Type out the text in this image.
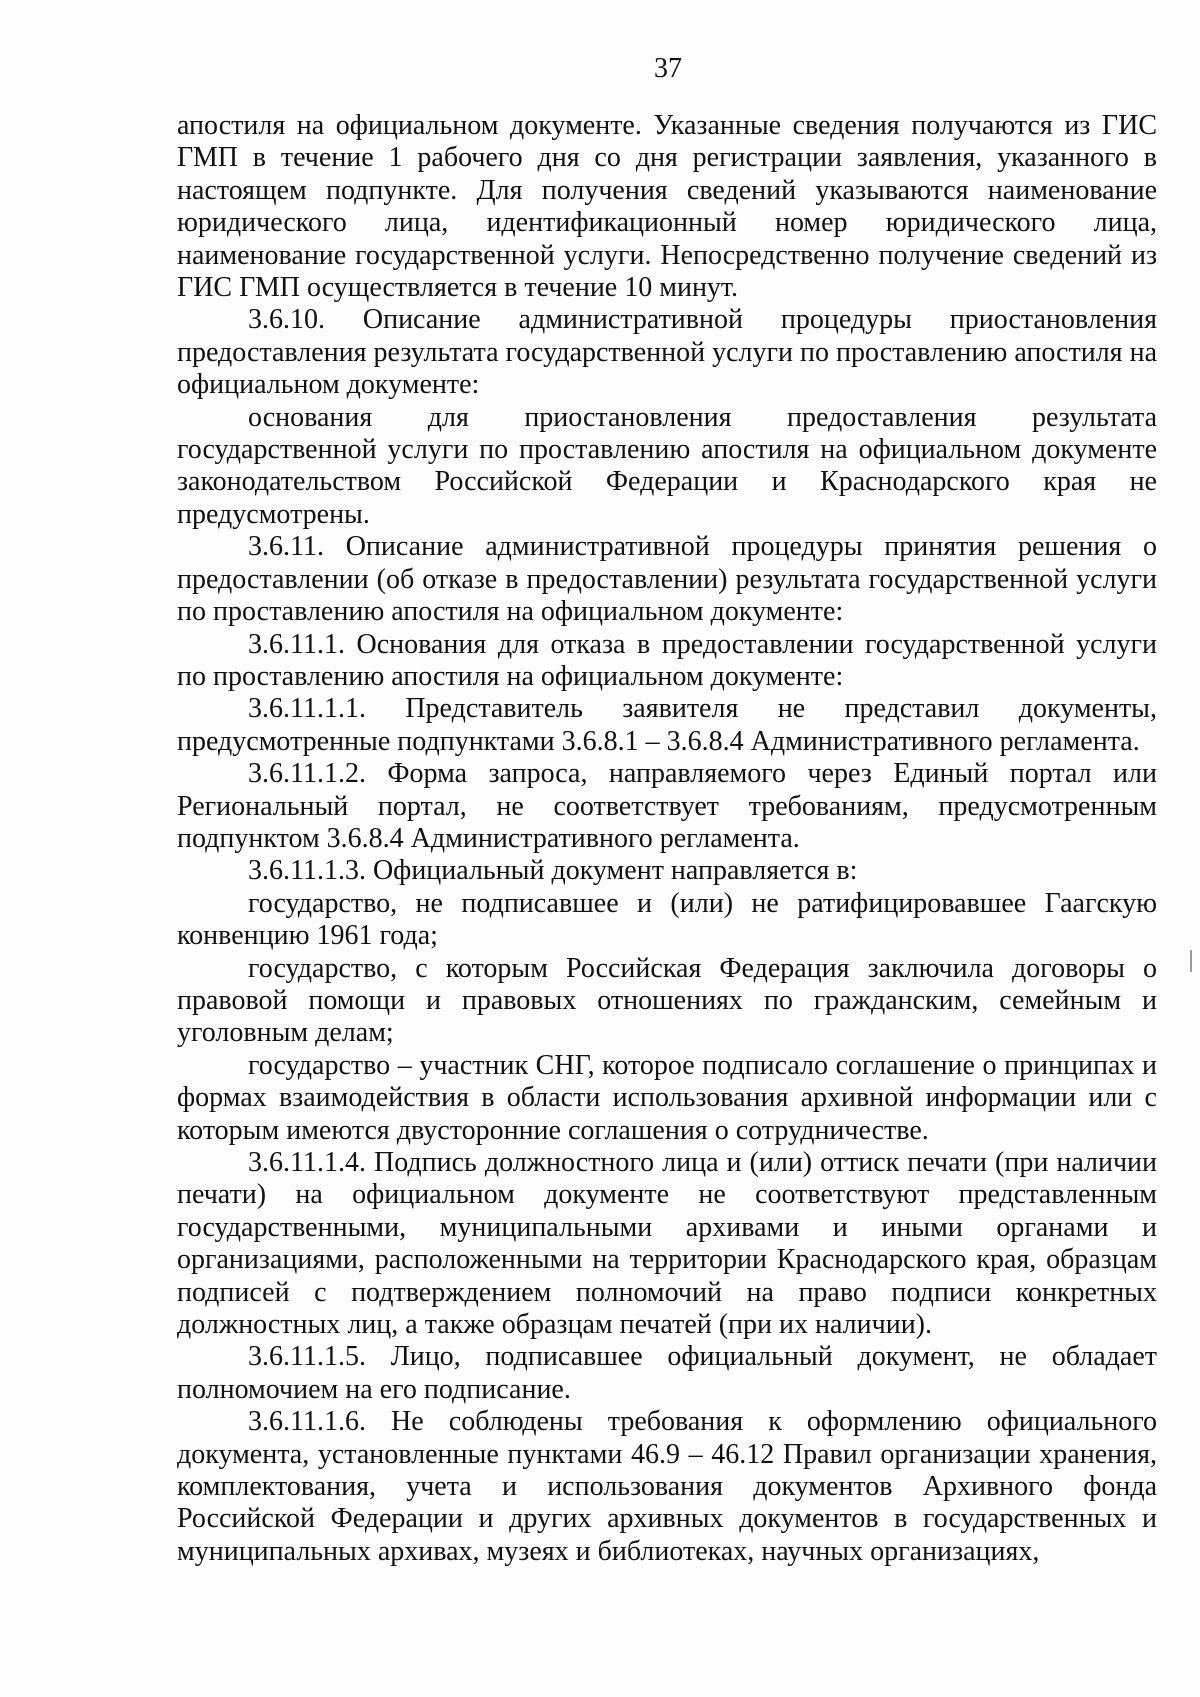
37

апостиля на официальном документе. Указанные сведения получаются из ГИС ГМП в течение 1 рабочего дня со дня регистрации заявления, указанного в настоящем подпункте. Для получения сведений указываются наименование юридического лица, идентификационный номер юридического лица, наименование государственной услуги. Непосредственно получение сведений из ГИС ГМП осуществляется в течение 10 минут.

3.6.10. Описание административной процедуры приостановления предоставления результата государственной услуги по проставлению апостиля на официальном документе:

основания для приостановления предоставления результата государственной услуги по проставлению апостиля на официальном документе законодательством Российской Федерации и Краснодарского края не предусмотрены.

3.6.11. Описание административной процедуры принятия решения о предоставлении (об отказе в предоставлении) результата государственной услуги по проставлению апостиля на официальном документе:

3.6.11.1. Основания для отказа в предоставлении государственной услуги по проставлению апостиля на официальном документе:

3.6.11.1.1. Представитель заявителя не представил документы, предусмотренные подпунктами 3.6.8.1 – 3.6.8.4 Административного регламента.

3.6.11.1.2. Форма запроса, направляемого через Единый портал или Региональный портал, не соответствует требованиям, предусмотренным подпунктом 3.6.8.4 Административного регламента.

3.6.11.1.3. Официальный документ направляется в:

государство, не подписавшее и (или) не ратифицировавшее Гаагскую конвенцию 1961 года;

государство, с которым Российская Федерация заключила договоры о правовой помощи и правовых отношениях по гражданским, семейным и уголовным делам;

государство – участник СНГ, которое подписало соглашение о принципах и формах взаимодействия в области использования архивной информации или с которым имеются двусторонние соглашения о сотрудничестве.

3.6.11.1.4. Подпись должностного лица и (или) оттиск печати (при наличии печати) на официальном документе не соответствуют представленным государственными, муниципальными архивами и иными органами и организациями, расположенными на территории Краснодарского края, образцам подписей с подтверждением полномочий на право подписи конкретных должностных лиц, а также образцам печатей (при их наличии).

3.6.11.1.5. Лицо, подписавшее официальный документ, не обладает полномочием на его подписание.

3.6.11.1.6. Не соблюдены требования к оформлению официального документа, установленные пунктами 46.9 – 46.12 Правил организации хранения, комплектования, учета и использования документов Архивного фонда Российской Федерации и других архивных документов в государственных и муниципальных архивах, музеях и библиотеках, научных организациях,
